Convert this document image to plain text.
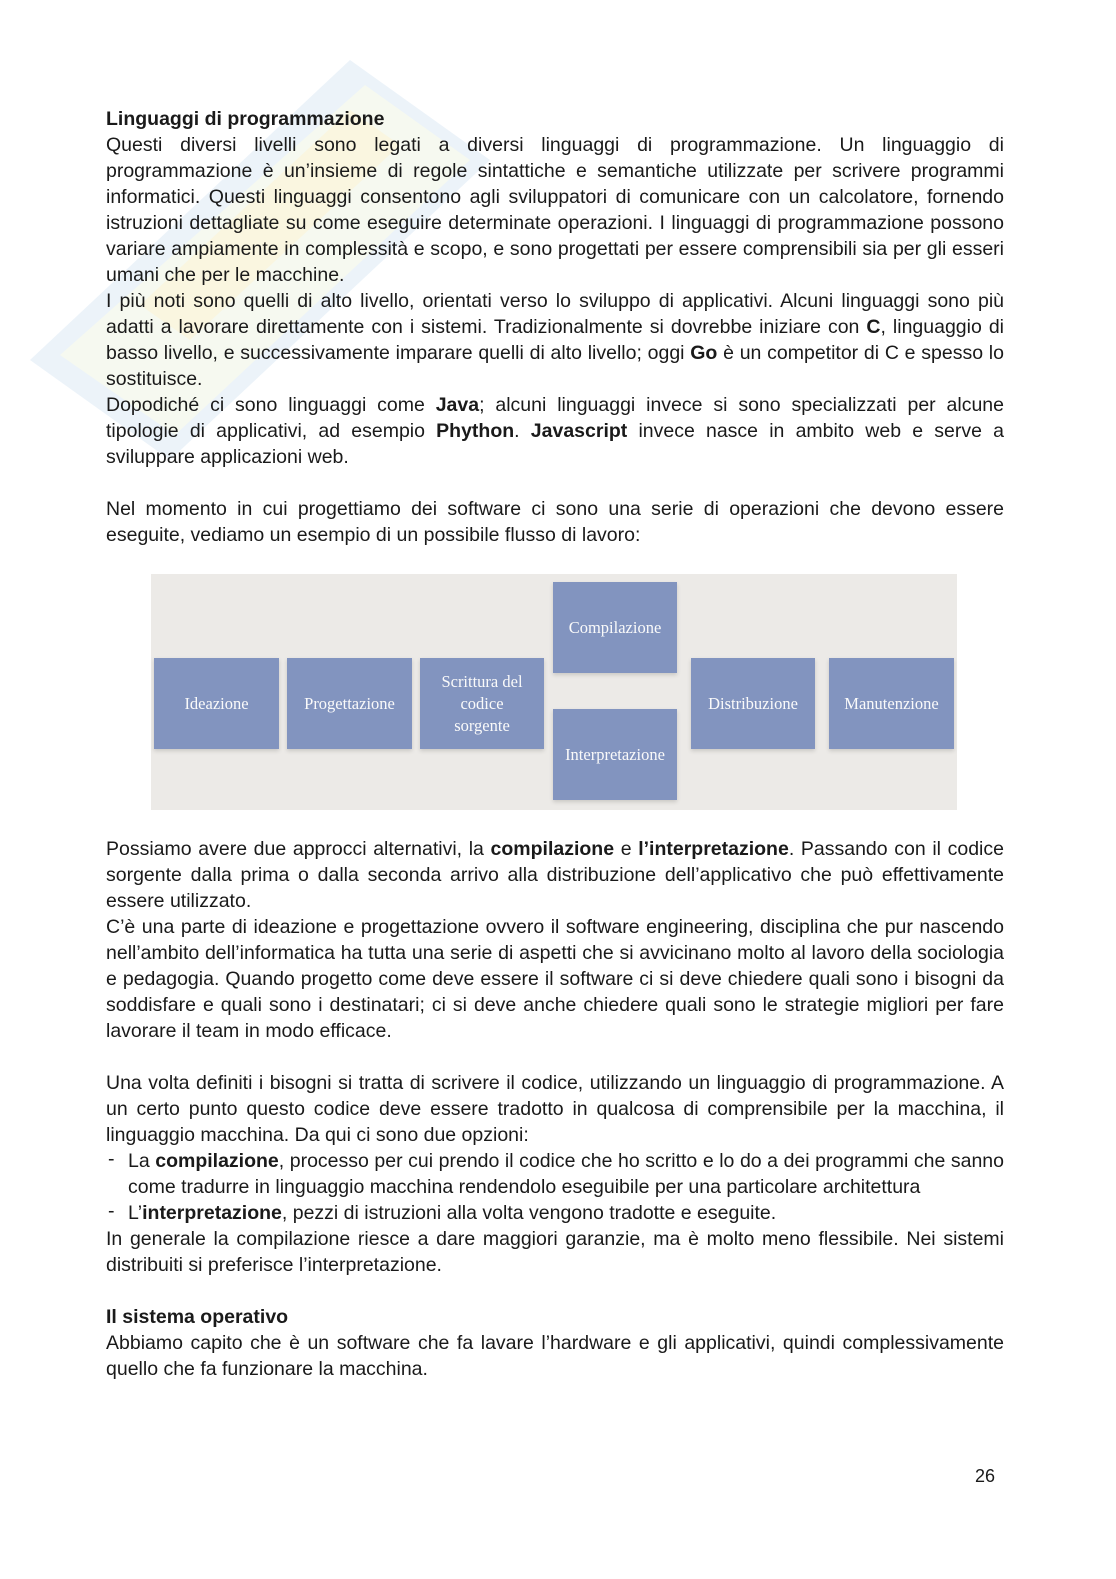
Linguaggi di programmazione

Questi diversi livelli sono legati a diversi linguaggi di programmazione. Un linguaggio di programmazione è un’insieme di regole sintattiche e semantiche utilizzate per scrivere programmi informatici. Questi linguaggi consentono agli sviluppatori di comunicare con un calcolatore, fornendo istruzioni dettagliate su come eseguire determinate operazioni. I linguaggi di programmazione possono variare ampiamente in complessità e scopo, e sono progettati per essere comprensibili sia per gli esseri umani che per le macchine.

I più noti sono quelli di alto livello, orientati verso lo sviluppo di applicativi. Alcuni linguaggi sono più adatti a lavorare direttamente con i sistemi. Tradizionalmente si dovrebbe iniziare con C, linguaggio di basso livello, e successivamente imparare quelli di alto livello; oggi Go è un competitor di C e spesso lo sostituisce.

Dopodiché ci sono linguaggi come Java; alcuni linguaggi invece si sono specializzati per alcune tipologie di applicativi, ad esempio Phython. Javascript invece nasce in ambito web e serve a sviluppare applicazioni web.

Nel momento in cui progettiamo dei software ci sono una serie di operazioni che devono essere eseguite, vediamo un esempio di un possibile flusso di lavoro:

Ideazione	Progettazione
Scrittura del codice sorgente
Compilazione
Interpretazione
Distribuzione	Manutenzione

Possiamo avere due approcci alternativi, la compilazione e l’interpretazione. Passando con il codice sorgente dalla prima o dalla seconda arrivo alla distribuzione dell’applicativo che può effettivamente essere utilizzato.

C’è una parte di ideazione e progettazione ovvero il software engineering, disciplina che pur nascendo nell’ambito dell’informatica ha tutta una serie di aspetti che si avvicinano molto al lavoro della sociologia e pedagogia. Quando progetto come deve essere il software ci si deve chiedere quali sono i bisogni da soddisfare e quali sono i destinatari; ci si deve anche chiedere quali sono le strategie migliori per fare lavorare il team in modo efficace.

Una volta definiti i bisogni si tratta di scrivere il codice, utilizzando un linguaggio di programmazione. A un certo punto questo codice deve essere tradotto in qualcosa di comprensibile per la macchina, il linguaggio macchina. Da qui ci sono due opzioni:

- La compilazione, processo per cui prendo il codice che ho scritto e lo do a dei programmi che sanno come tradurre in linguaggio macchina rendendolo eseguibile per una particolare architettura
- L’interpretazione, pezzi di istruzioni alla volta vengono tradotte e eseguite.

In generale la compilazione riesce a dare maggiori garanzie, ma è molto meno flessibile. Nei sistemi distribuiti si preferisce l’interpretazione.

Il sistema operativo

Abbiamo capito che è un software che fa lavare l’hardware e gli applicativi, quindi complessivamente quello che fa funzionare la macchina.

26
